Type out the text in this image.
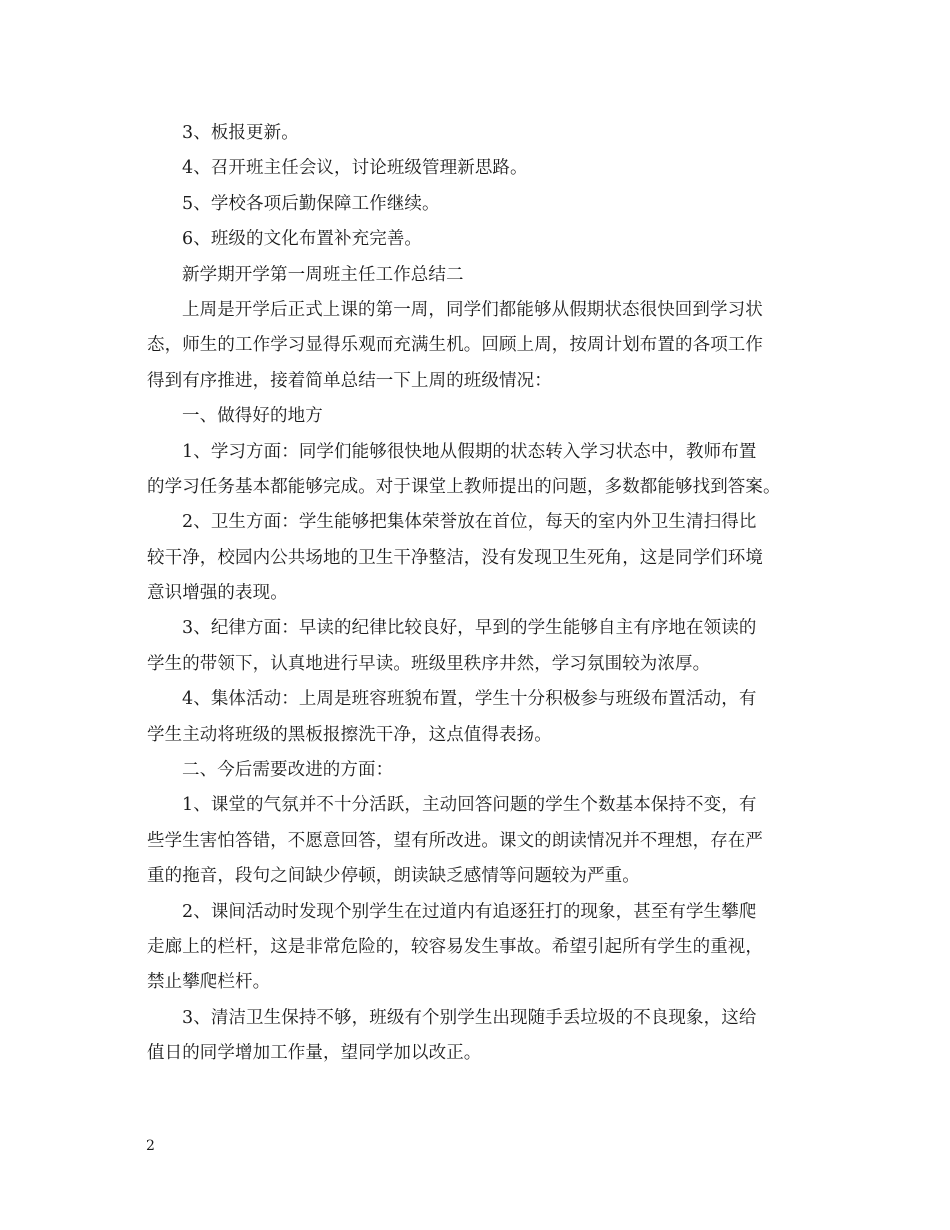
3、板报更新。
4、召开班主任会议，讨论班级管理新思路。
5、学校各项后勤保障工作继续。
6、班级的文化布置补充完善。
新学期开学第一周班主任工作总结二
上周是开学后正式上课的第一周，同学们都能够从假期状态很快回到学习状
态，师生的工作学习显得乐观而充满生机。回顾上周，按周计划布置的各项工作
得到有序推进，接着简单总结一下上周的班级情况：
一、做得好的地方
1、学习方面：同学们能够很快地从假期的状态转入学习状态中，教师布置
的学习任务基本都能够完成。对于课堂上教师提出的问题，多数都能够找到答案。
2、卫生方面：学生能够把集体荣誉放在首位，每天的室内外卫生清扫得比
较干净，校园内公共场地的卫生干净整洁，没有发现卫生死角，这是同学们环境
意识增强的表现。
3、纪律方面：早读的纪律比较良好，早到的学生能够自主有序地在领读的
学生的带领下，认真地进行早读。班级里秩序井然，学习氛围较为浓厚。
4、集体活动：上周是班容班貌布置，学生十分积极参与班级布置活动，有
学生主动将班级的黑板报擦洗干净，这点值得表扬。
二、今后需要改进的方面：
1、课堂的气氛并不十分活跃，主动回答问题的学生个数基本保持不变，有
些学生害怕答错，不愿意回答，望有所改进。课文的朗读情况并不理想，存在严
重的拖音，段句之间缺少停顿，朗读缺乏感情等问题较为严重。
2、课间活动时发现个别学生在过道内有追逐狂打的现象，甚至有学生攀爬
走廊上的栏杆，这是非常危险的，较容易发生事故。希望引起所有学生的重视，
禁止攀爬栏杆。
3、清洁卫生保持不够，班级有个别学生出现随手丢垃圾的不良现象，这给
值日的同学增加工作量，望同学加以改正。
2
